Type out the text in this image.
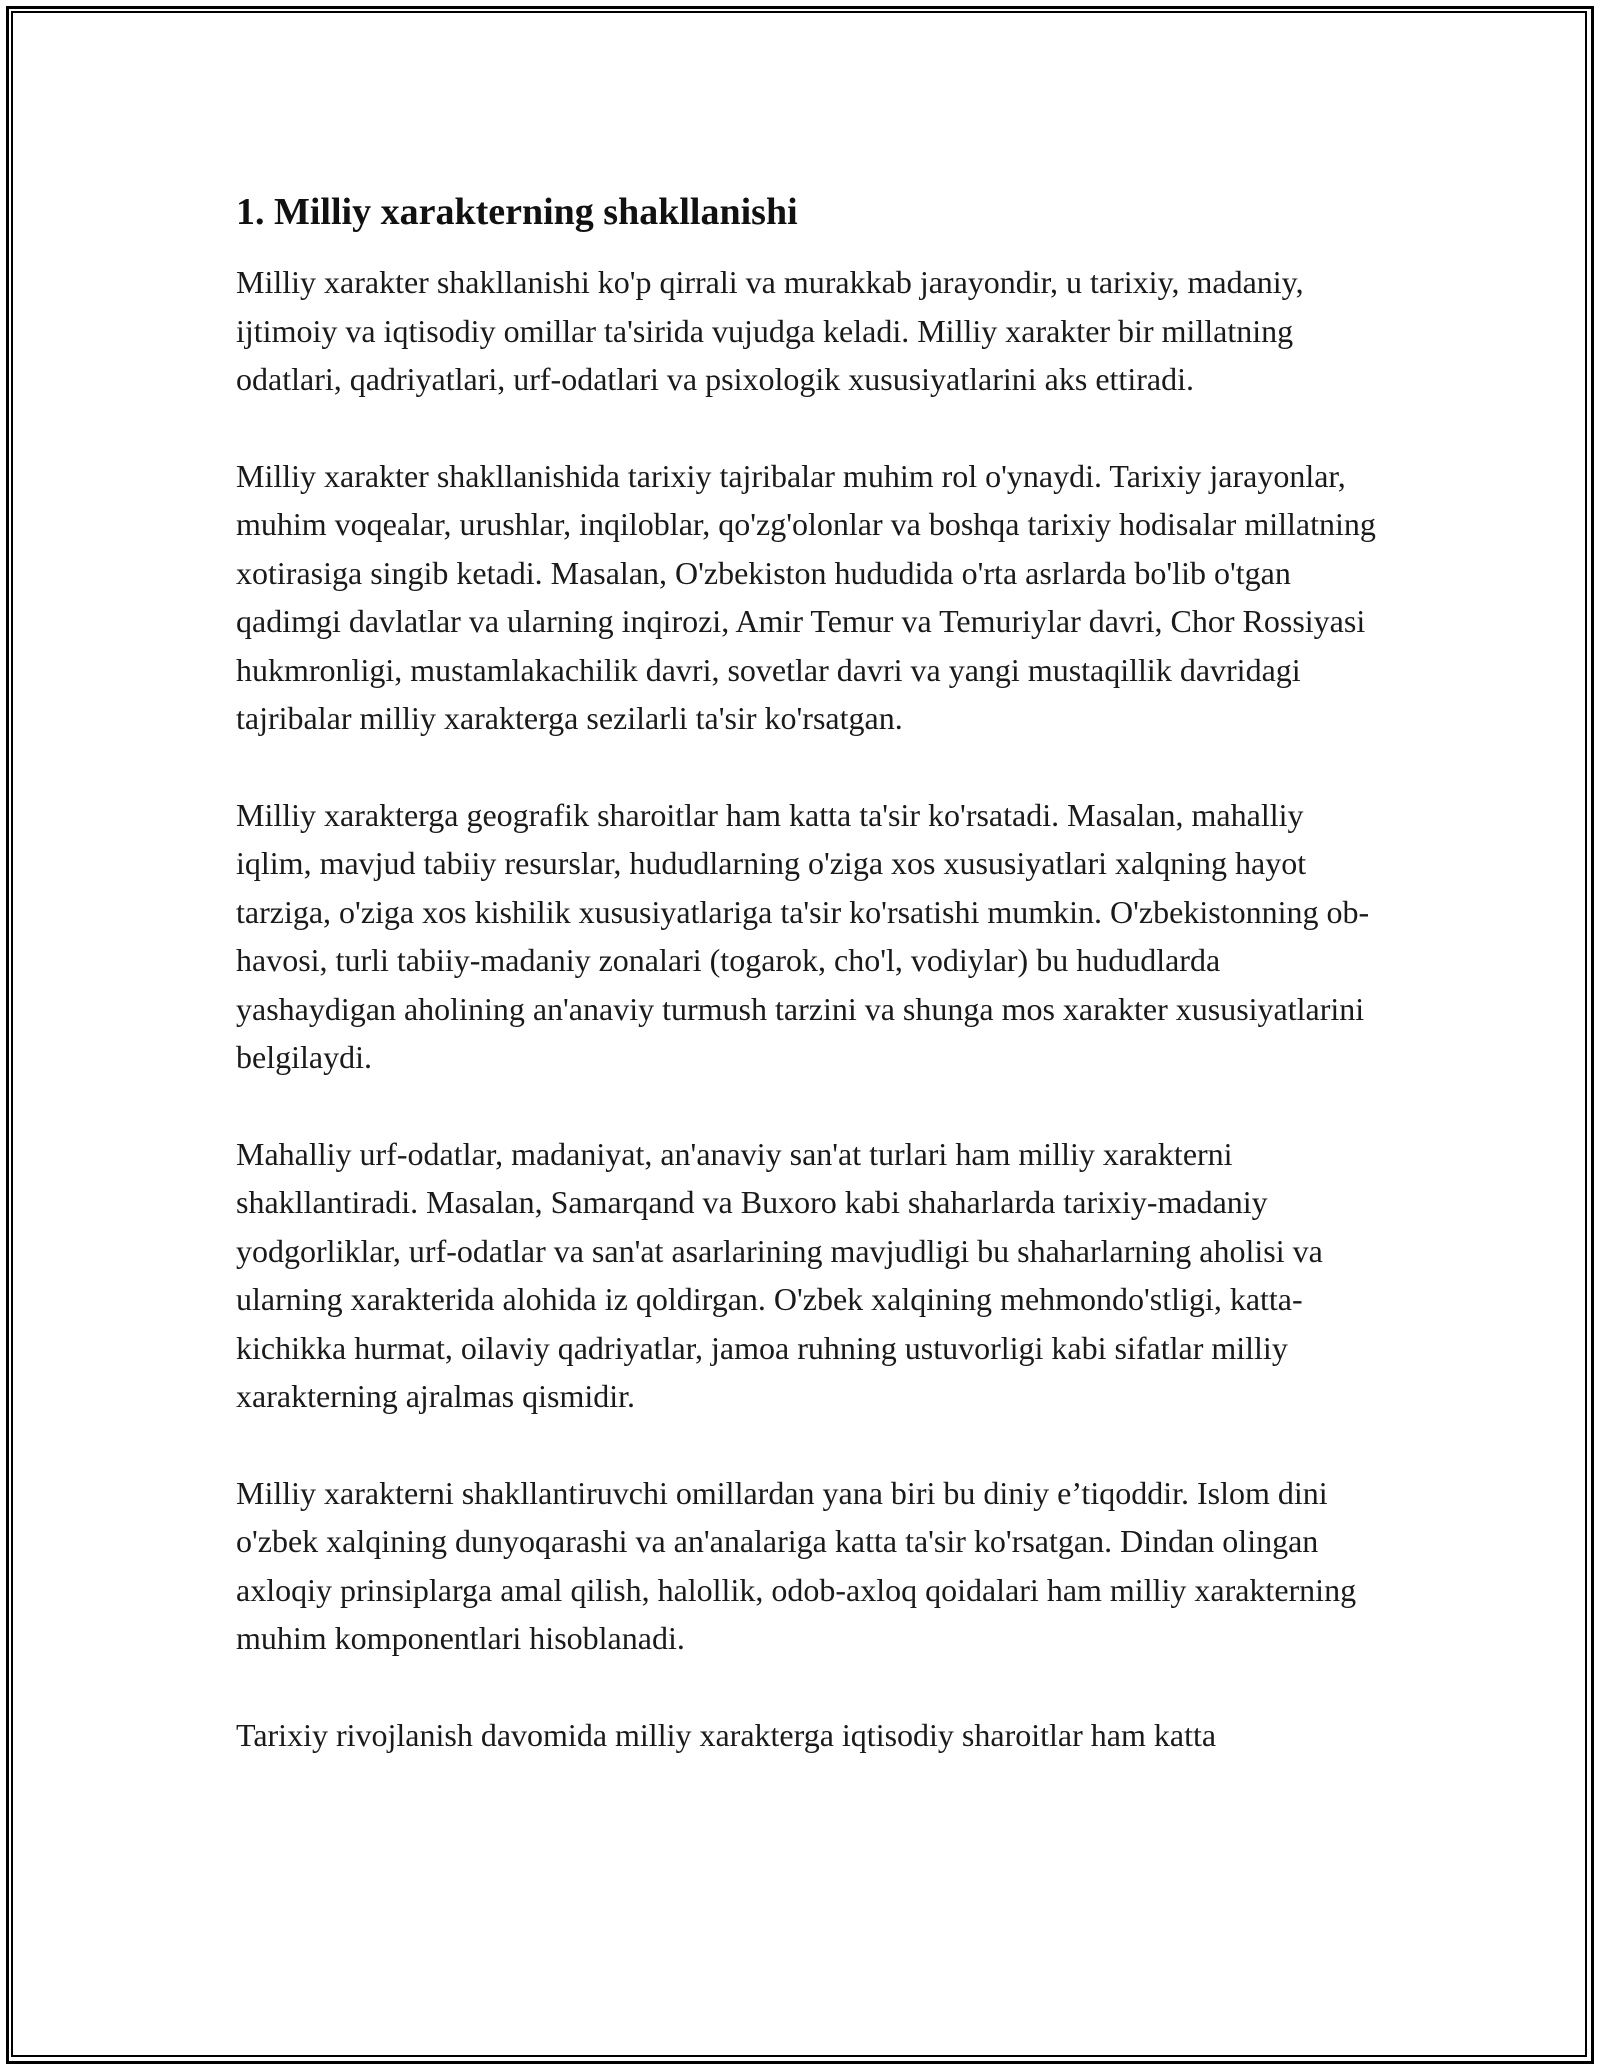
1. Milliy xarakterning shakllanishi

Milliy xarakter shakllanishi ko'p qirrali va murakkab jarayondir, u tarixiy, madaniy, ijtimoiy va iqtisodiy omillar ta'sirida vujudga keladi. Milliy xarakter bir millatning odatlari, qadriyatlari, urf-odatlari va psixologik xususiyatlarini aks ettiradi.

Milliy xarakter shakllanishida tarixiy tajribalar muhim rol o'ynaydi. Tarixiy jarayonlar, muhim voqealar, urushlar, inqiloblar, qo'zg'olonlar va boshqa tarixiy hodisalar millatning xotirasiga singib ketadi. Masalan, O'zbekiston hududida o'rta asrlarda bo'lib o'tgan qadimgi davlatlar va ularning inqirozi, Amir Temur va Temuriylar davri, Chor Rossiyasi hukmronligi, mustamlakachilik davri, sovetlar davri va yangi mustaqillik davridagi tajribalar milliy xarakterga sezilarli ta'sir ko'rsatgan.

Milliy xarakterga geografik sharoitlar ham katta ta'sir ko'rsatadi. Masalan, mahalliy iqlim, mavjud tabiiy resurslar, hududlarning o'ziga xos xususiyatlari xalqning hayot tarziga, o'ziga xos kishilik xususiyatlariga ta'sir ko'rsatishi mumkin. O'zbekistonning ob-havosi, turli tabiiy-madaniy zonalari (togarok, cho'l, vodiylar) bu hududlarda yashaydigan aholining an'anaviy turmush tarzini va shunga mos xarakter xususiyatlarini belgilaydi.

Mahalliy urf-odatlar, madaniyat, an'anaviy san'at turlari ham milliy xarakterni shakllantiradi. Masalan, Samarqand va Buxoro kabi shaharlarda tarixiy-madaniy yodgorliklar, urf-odatlar va san'at asarlarining mavjudligi bu shaharlarning aholisi va ularning xarakterida alohida iz qoldirgan. O'zbek xalqining mehmondo'stligi, katta-kichikka hurmat, oilaviy qadriyatlar, jamoa ruhning ustuvorligi kabi sifatlar milliy xarakterning ajralmas qismidir.

Milliy xarakterni shakllantiruvchi omillardan yana biri bu diniy e’tiqoddir. Islom dini o'zbek xalqining dunyoqarashi va an'analariga katta ta'sir ko'rsatgan. Dindan olingan axloqiy prinsiplarga amal qilish, halollik, odob-axloq qoidalari ham milliy xarakterning muhim komponentlari hisoblanadi.

Tarixiy rivojlanish davomida milliy xarakterga iqtisodiy sharoitlar ham katta
